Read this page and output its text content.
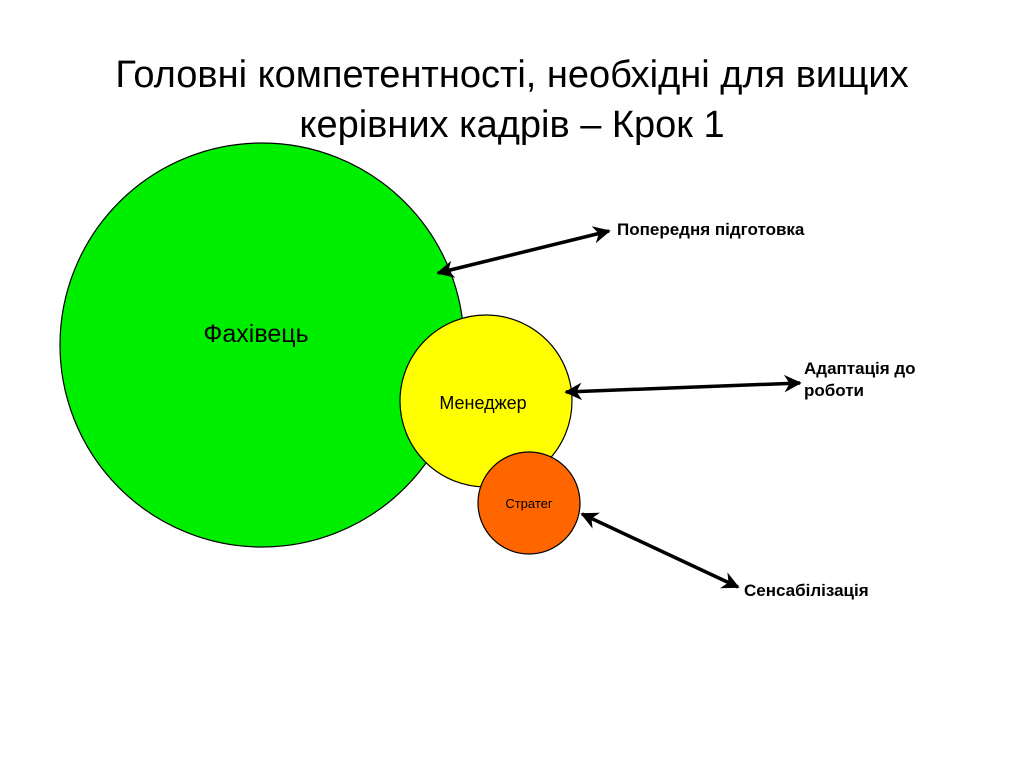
Головні компетентності, необхідні для вищих
керівних кадрів – Крок 1
Фахівець
Менеджер
Стратег
Попередня підготовка
Адаптація до
роботи
Сенсабілізація
